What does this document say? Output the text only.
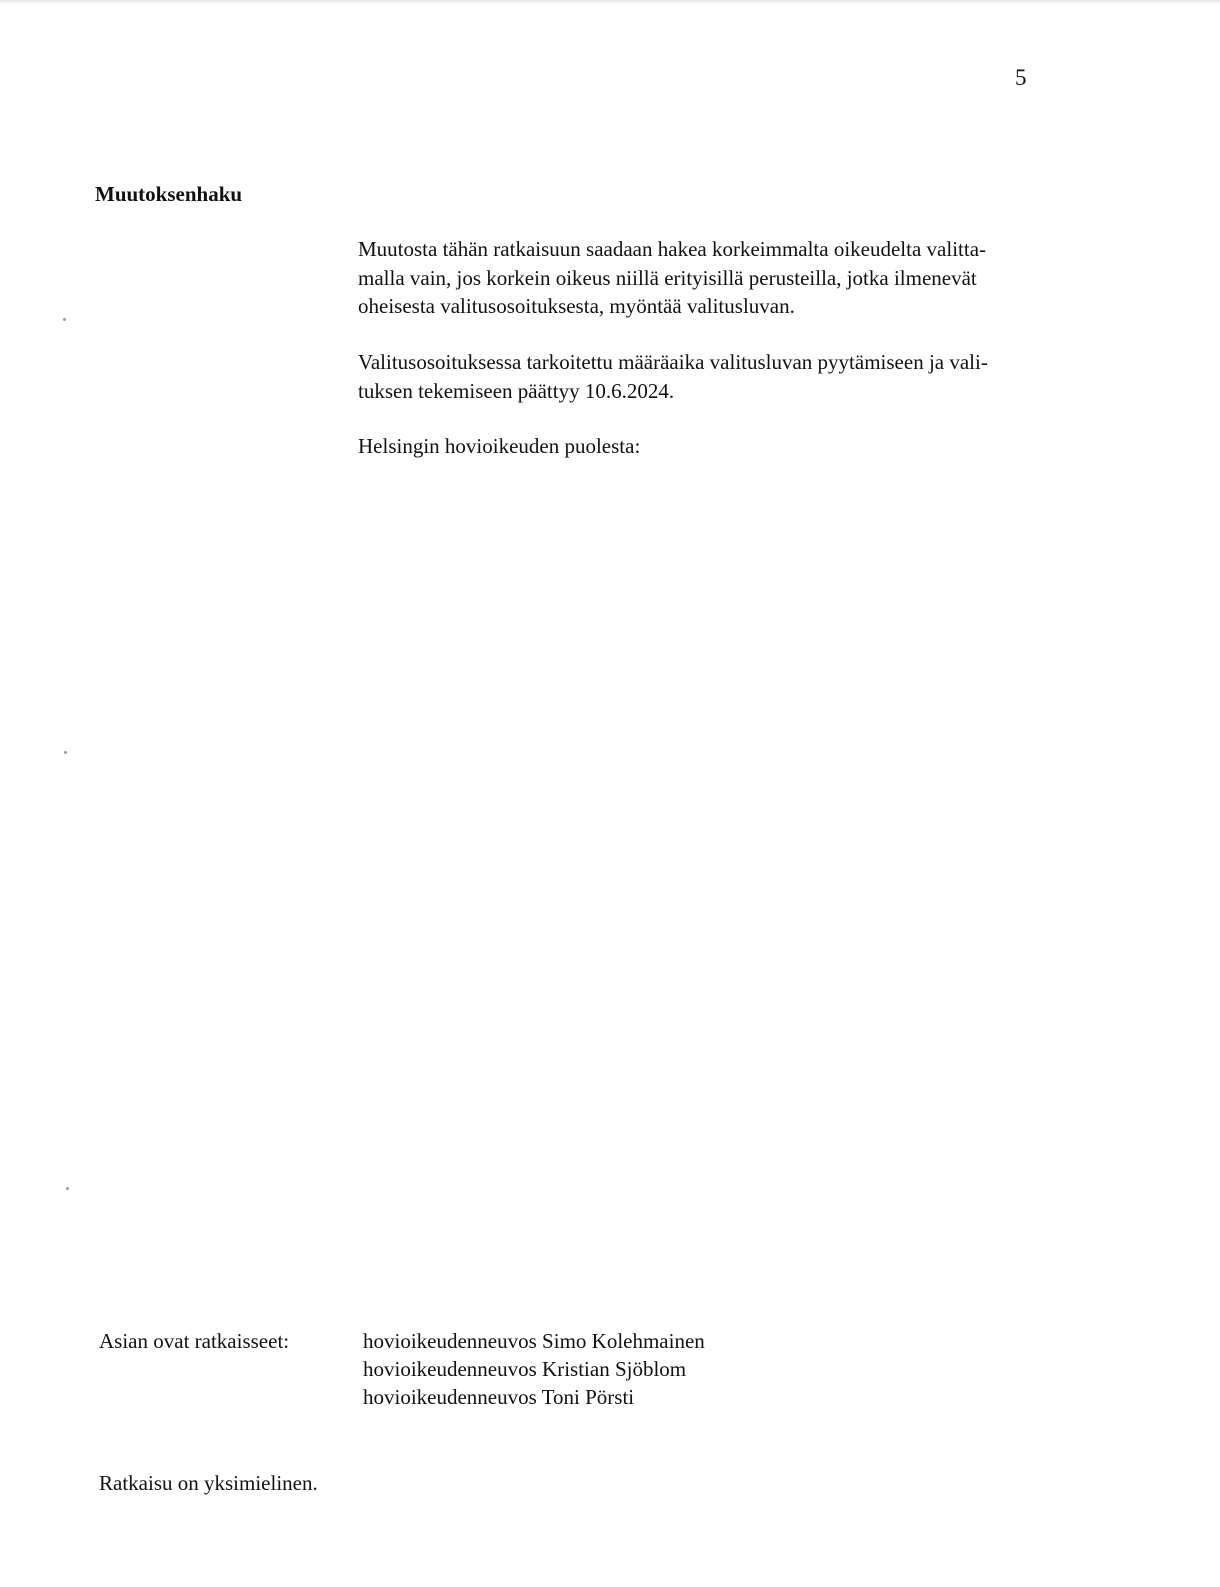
5
Muutoksenhaku

Muutosta tähän ratkaisuun saadaan hakea korkeimmalta oikeudelta valitta-
malla vain, jos korkein oikeus niillä erityisillä perusteilla, jotka ilmenevät
oheisesta valitusosoituksesta, myöntää valitusluvan.

Valitusosoituksessa tarkoitettu määräaika valitusluvan pyytämiseen ja vali-
tuksen tekemiseen päättyy 10.6.2024.

Helsingin hovioikeuden puolesta:

Asian ovat ratkaisseet:	hovioikeudenneuvos Simo Kolehmainen
hovioikeudenneuvos Kristian Sjöblom
hovioikeudenneuvos Toni Pörsti
Ratkaisu on yksimielinen.
